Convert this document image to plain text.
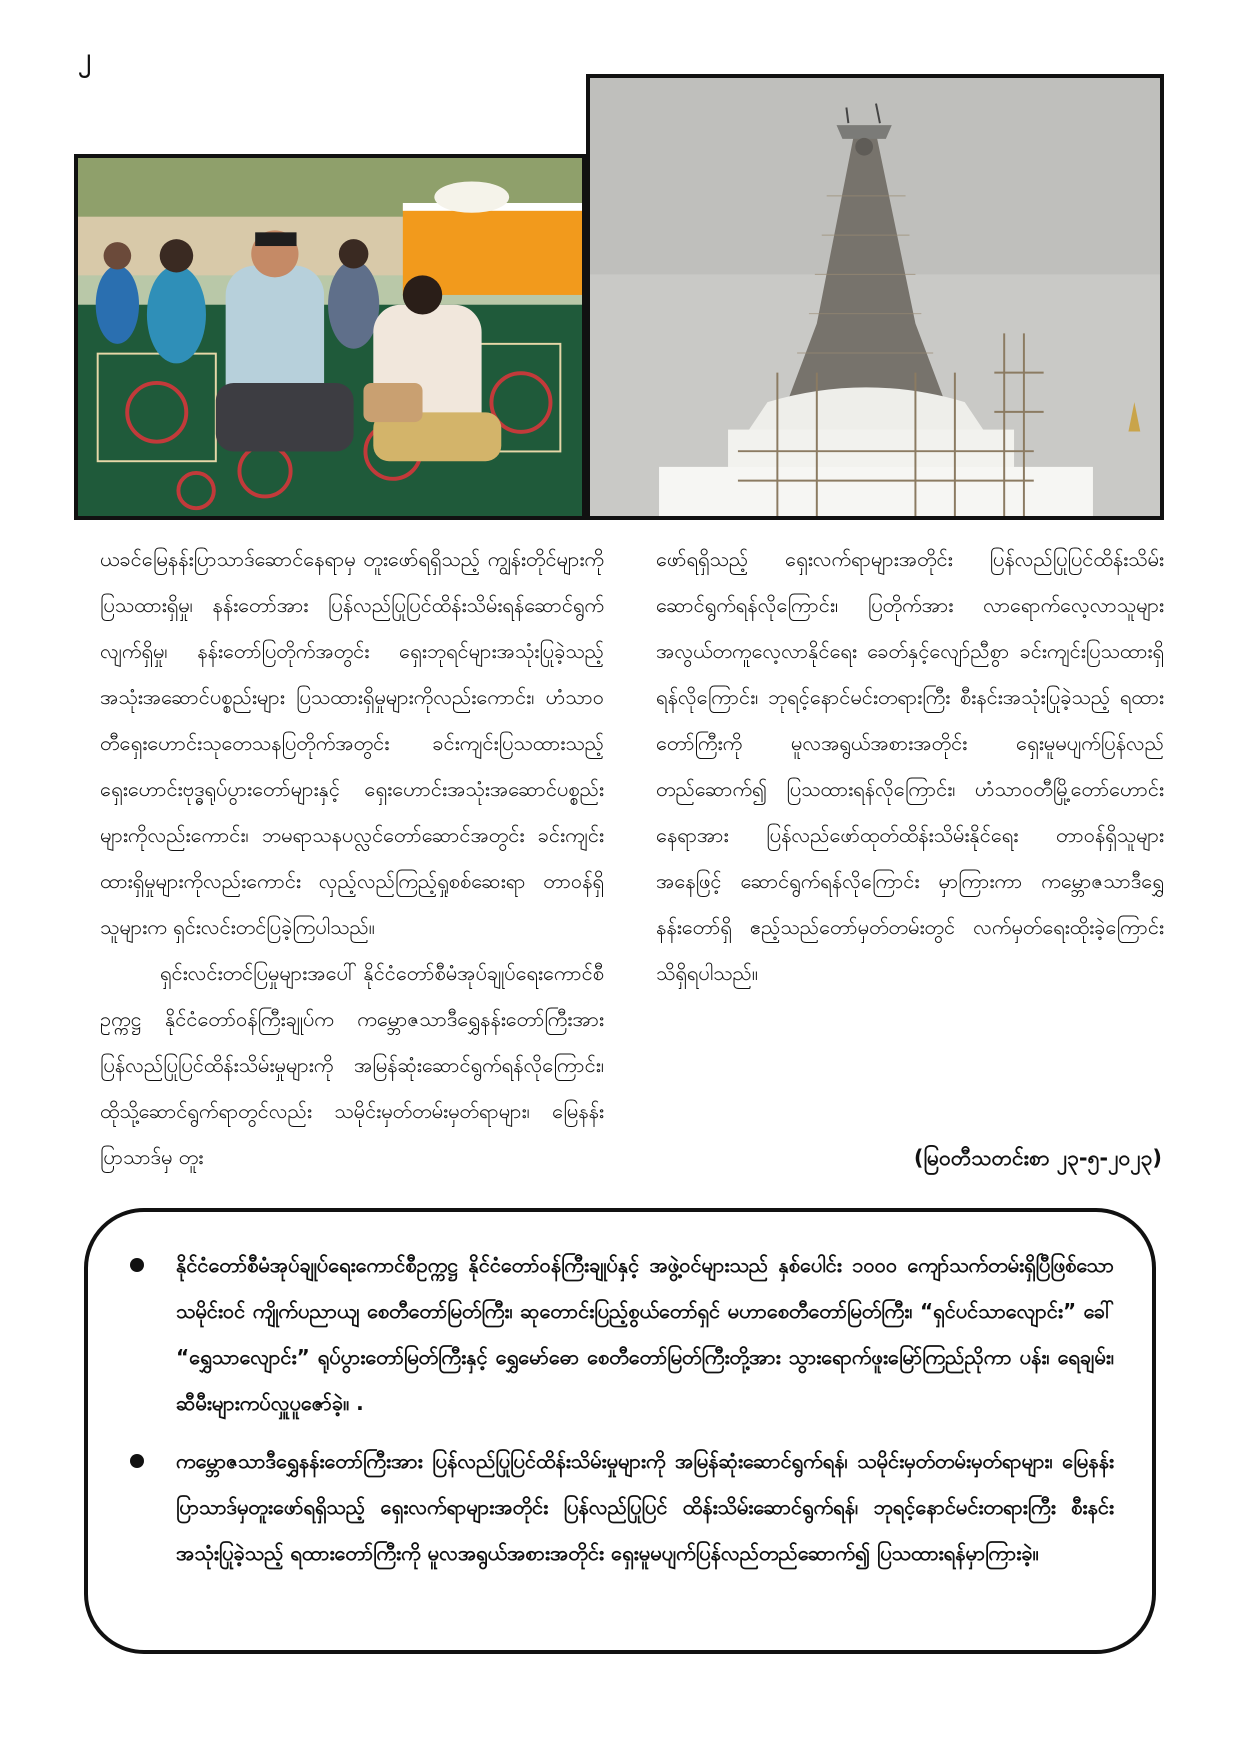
၂

ယခင်မြေနန်းပြာသာဒ်ဆောင်နေရာမှ တူးဖော်ရရှိသည့် ကျွန်းတိုင်များကို ပြသထားရှိမှု၊ နန်းတော်အား ပြန်လည်ပြုပြင်ထိန်းသိမ်းရန်ဆောင်ရွက်လျက်ရှိမှု၊ နန်းတော်ပြတိုက်အတွင်း ရှေးဘုရင်များအသုံးပြုခဲ့သည့် အသုံးအဆောင်ပစ္စည်းများ ပြသထားရှိမှုများကိုလည်းကောင်း၊ ဟံသာဝတီရှေးဟောင်းသုတေသနပြတိုက်အတွင်း ခင်းကျင်းပြသထားသည့် ရှေးဟောင်းဗုဒ္ဓရုပ်ပွားတော်များနှင့် ရှေးဟောင်းအသုံးအဆောင်ပစ္စည်းများကိုလည်းကောင်း၊ ဘမရာသနပလ္လင်တော်ဆောင်အတွင်း ခင်းကျင်းထားရှိမှုများကိုလည်းကောင်း လှည့်လည်ကြည့်ရှုစစ်ဆေးရာ တာဝန်ရှိသူများက ရှင်းလင်းတင်ပြခဲ့ကြပါသည်။

ရှင်းလင်းတင်ပြမှုများအပေါ် နိုင်ငံတော်စီမံအုပ်ချုပ်ရေးကောင်စီဥက္ကဋ္ဌ နိုင်ငံတော်ဝန်ကြီးချုပ်က ကမ္ဘောဇသာဒီရွှေနန်းတော်ကြီးအား ပြန်လည်ပြုပြင်ထိန်းသိမ်းမှုများကို အမြန်ဆုံးဆောင်ရွက်ရန်လိုကြောင်း၊ ထိုသို့ဆောင်ရွက်ရာတွင်လည်း သမိုင်းမှတ်တမ်းမှတ်ရာများ၊ မြေနန်းပြာသာဒ်မှ တူး

ဖော်ရရှိသည့် ရှေးလက်ရာများအတိုင်း ပြန်လည်ပြုပြင်ထိန်းသိမ်းဆောင်ရွက်ရန်လိုကြောင်း၊ ပြတိုက်အား လာရောက်လေ့လာသူများ အလွယ်တကူလေ့လာနိုင်ရေး ခေတ်နှင့်လျော်ညီစွာ ခင်းကျင်းပြသထားရှိရန်လိုကြောင်း၊ ဘုရင့်နောင်မင်းတရားကြီး စီးနင်းအသုံးပြုခဲ့သည့် ရထားတော်ကြီးကို မူလအရွယ်အစားအတိုင်း ရှေးမူမပျက်ပြန်လည်တည်ဆောက်၍ ပြသထားရန်လိုကြောင်း၊ ဟံသာဝတီမြို့တော်ဟောင်းနေရာအား ပြန်လည်ဖော်ထုတ်ထိန်းသိမ်းနိုင်ရေး တာဝန်ရှိသူများအနေဖြင့် ဆောင်ရွက်ရန်လိုကြောင်း မှာကြားကာ ကမ္ဘောဇသာဒီရွှေနန်းတော်ရှိ ဧည့်သည်တော်မှတ်တမ်းတွင် လက်မှတ်ရေးထိုးခဲ့ကြောင်း သိရှိရပါသည်။

(မြဝတီသတင်းစာ ၂၃-၅-၂၀၂၃)
နိုင်ငံတော်စီမံအုပ်ချုပ်ရေးကောင်စီဥက္ကဋ္ဌ နိုင်ငံတော်ဝန်ကြီးချုပ်နှင့် အဖွဲ့ဝင်များသည် နှစ်ပေါင်း ၁၀၀၀ ကျော်သက်တမ်းရှိပြီဖြစ်သော သမိုင်းဝင် ကျိုက်ပညာယျ စေတီတော်မြတ်ကြီး၊ ဆုတောင်းပြည့်စွယ်တော်ရှင် မဟာစေတီတော်မြတ်ကြီး၊ “ရှင်ပင်သာလျောင်း” ခေါ် “ရွှေသာလျောင်း” ရုပ်ပွားတော်မြတ်ကြီးနှင့် ရွှေမော်ဓော စေတီတော်မြတ်ကြီးတို့အား သွားရောက်ဖူးမြော်ကြည်ညိုကာ ပန်း၊ ရေချမ်း၊ ဆီမီးများကပ်လှူပူဇော်ခဲ့။ .
ကမ္ဘောဇသာဒီရွှေနန်းတော်ကြီးအား ပြန်လည်ပြုပြင်ထိန်းသိမ်းမှုများကို အမြန်ဆုံးဆောင်ရွက်ရန်၊ သမိုင်းမှတ်တမ်းမှတ်ရာများ၊ မြေနန်းပြာသာဒ်မှတူးဖော်ရရှိသည့် ရှေးလက်ရာများအတိုင်း ပြန်လည်ပြုပြင် ထိန်းသိမ်းဆောင်ရွက်ရန်၊ ဘုရင့်နောင်မင်းတရားကြီး စီးနင်းအသုံးပြုခဲ့သည့် ရထားတော်ကြီးကို မူလအရွယ်အစားအတိုင်း ရှေးမူမပျက်ပြန်လည်တည်ဆောက်၍ ပြသထားရန်မှာကြားခဲ့။
